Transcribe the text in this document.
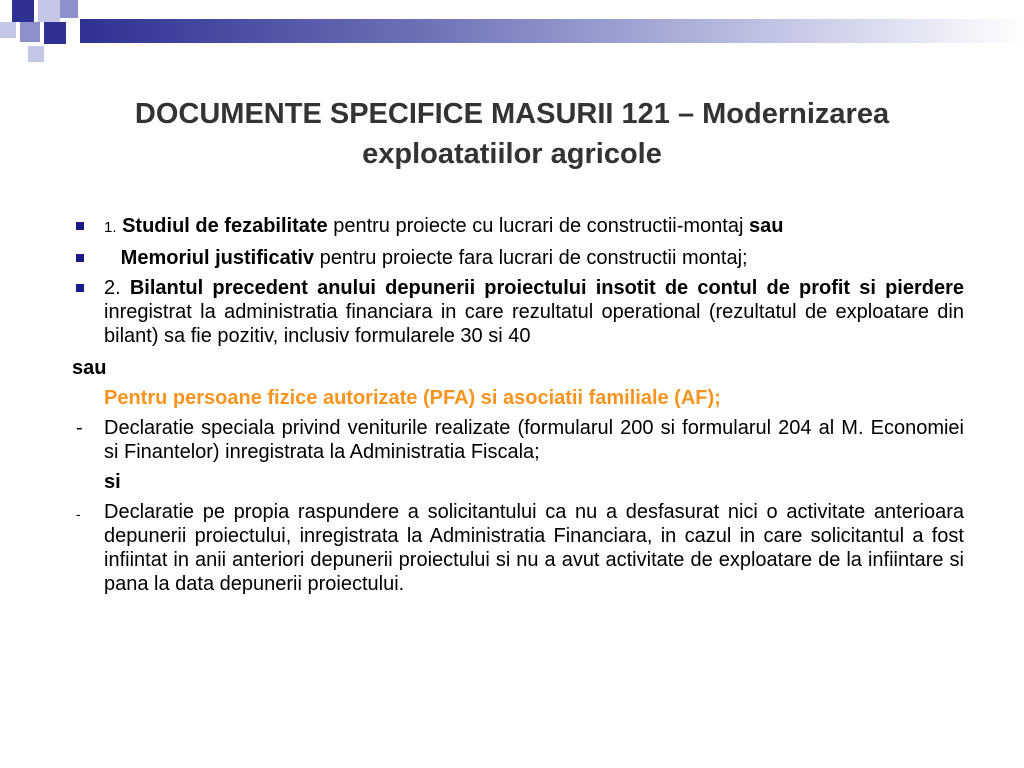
DOCUMENTE SPECIFICE MASURII 121 – Modernizarea
exploatatiilor agricole
1. Studiul de fezabilitate pentru proiecte cu lucrari de constructii-montaj sau
Memoriul justificativ pentru proiecte fara lucrari de constructii montaj;
2. Bilantul precedent anului depunerii proiectului insotit de contul de profit si pierdere inregistrat la administratia financiara in care rezultatul operational (rezultatul de exploatare din bilant) sa fie pozitiv, inclusiv formularele 30 si 40
sau
Pentru persoane fizice autorizate (PFA) si asociatii familiale (AF);
- Declaratie speciala privind veniturile realizate (formularul 200 si formularul 204 al M. Economiei si Finantelor) inregistrata la Administratia Fiscala;
si
- Declaratie pe propia raspundere a solicitantului ca nu a desfasurat nici o activitate anterioara depunerii proiectului, inregistrata la Administratia Financiara, in cazul in care solicitantul a fost infiintat in anii anteriori depunerii proiectului si nu a avut activitate de exploatare de la infiintare si pana la data depunerii proiectului.
